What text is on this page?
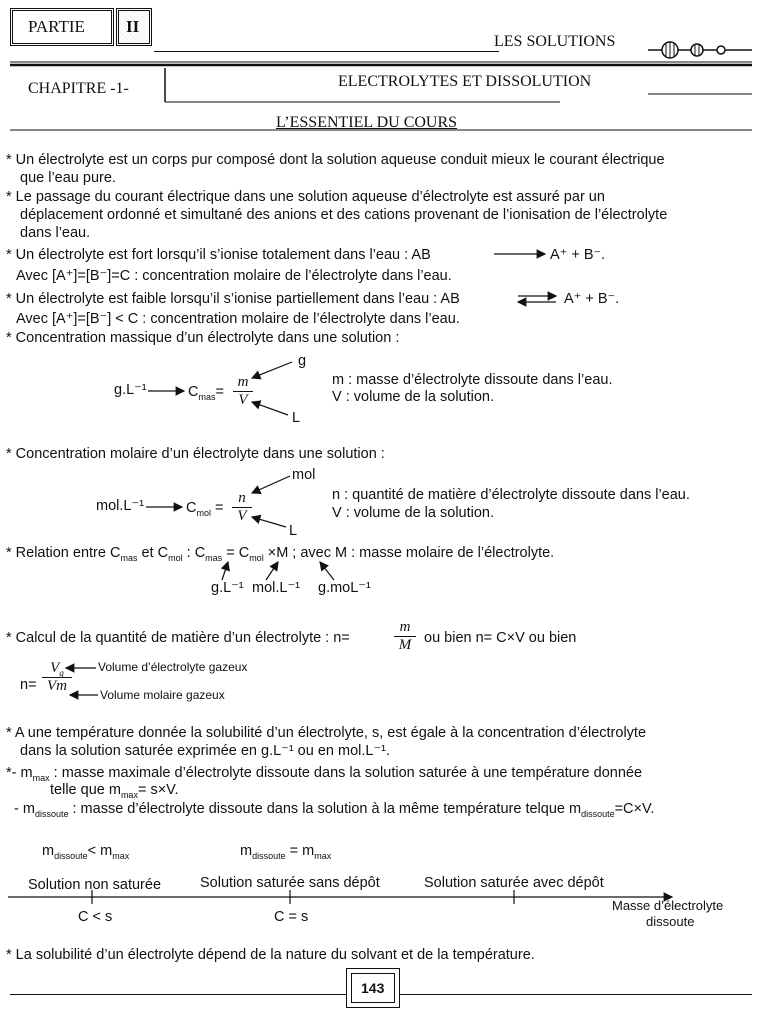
PARTIE II
LES SOLUTIONS
CHAPITRE -1-	ELECTROLYTES ET DISSOLUTION
L’ESSENTIEL DU COURS
* Un électrolyte est un corps pur composé dont la solution aqueuse conduit mieux le courant électrique
que l’eau pure.
* Le passage du courant électrique dans une solution aqueuse d’électrolyte est assuré par un
déplacement ordonné et simultané des anions et des cations provenant de l’ionisation de l’électrolyte
dans l’eau.
* Un électrolyte est fort lorsqu’il s’ionise totalement dans l’eau : AB	A⁺ + B⁻.
Avec [A⁺]=[B⁻]=C : concentration molaire de l’électrolyte dans l’eau.
* Un électrolyte est faible lorsqu’il s’ionise partiellement dans l’eau : AB	A⁺ + B⁻.
Avec [A⁺]=[B⁻] < C : concentration molaire de l’électrolyte dans l’eau.
* Concentration massique d’un électrolyte dans une solution :
g.L⁻¹	$C_{mas}= \frac{m}{V}$
g
L
m : masse d’électrolyte dissoute dans l’eau.
V : volume de la solution.
* Concentration molaire d’un électrolyte dans une solution :
mol.L⁻¹	$C_{mol} = \frac{n}{V}$
mol
L
n : quantité de matière d’électrolyte dissoute dans l’eau.
V : volume de la solution.
* Relation entre $C_{mas}$ et $C_{mol}$ : $C_{mas} = C_{mol} \times M$ ; avec M : masse molaire de l’électrolyte.
g.L⁻¹ mol.L⁻¹ g.moL⁻¹
* Calcul de la quantité de matière d’un électrolyte : n=	$\frac{m}{M}$ ou bien n= C×V ou bien
$n= \frac{V_g}{Vm}$ Volume d’électrolyte gazeux
Volume molaire gazeux
* A une température donnée la solubilité d’un électrolyte, s, est égale à la concentration d’électrolyte
dans la solution saturée exprimée en g.L⁻¹ ou en mol.L⁻¹.
*- $m_{max}$ : masse maximale d’électrolyte dissoute dans la solution saturée à une température donnée
telle que $m_{max}= s\times V$.
- $m_{dissoute}$ : masse d’électrolyte dissoute dans la solution à la même température telque $m_{dissoute}=C\times V$.
$m_{dissoute}< m_{max}$	$m_{dissoute} = m_{max}$
Solution non saturée	Solution saturée sans dépôt	Solution saturée avec dépôt
Masse d’électrolyte
dissoute
C < s	C = s
* La solubilité d’un électrolyte dépend de la nature du solvant et de la température.
143
